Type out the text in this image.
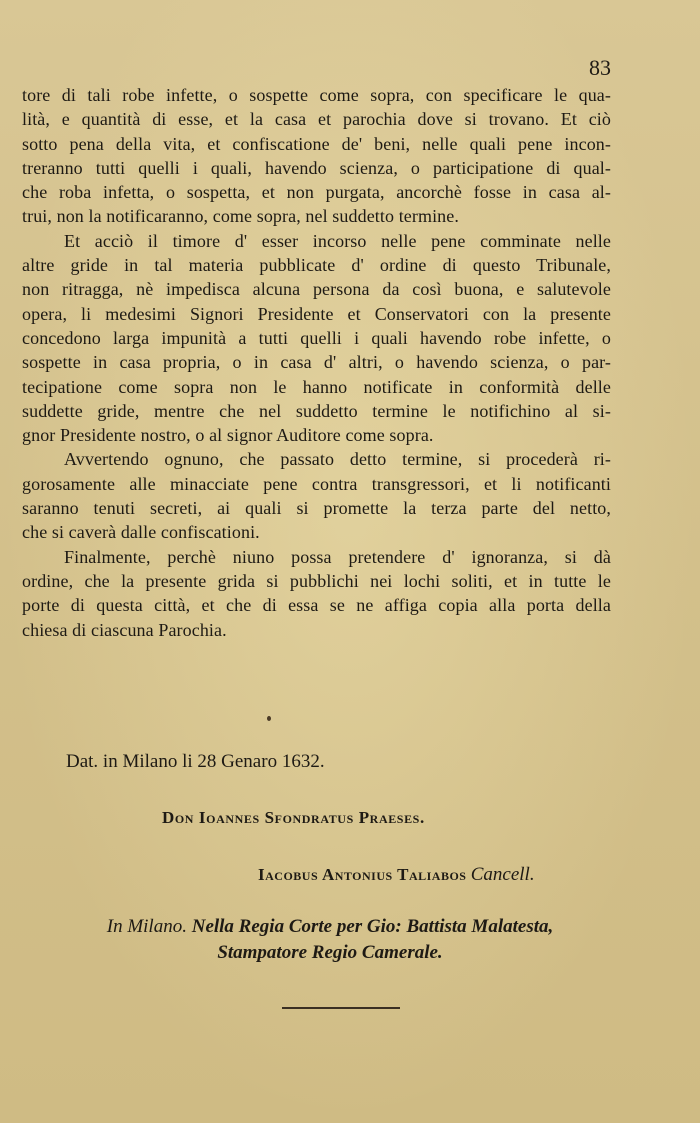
83
tore di tali robe infette, o sospette come sopra, con specificare le qua-
lità, e quantità di esse, et la casa et parochia dove si trovano. Et ciò
sotto pena della vita, et confiscatione de' beni, nelle quali pene incon-
treranno tutti quelli i quali, havendo scienza, o participatione di qual-
che roba infetta, o sospetta, et non purgata, ancorchè fosse in casa al-
trui, non la notificaranno, come sopra, nel suddetto termine.
Et acciò il timore d' esser incorso nelle pene comminate nelle
altre gride in tal materia pubblicate d' ordine di questo Tribunale,
non ritragga, nè impedisca alcuna persona da così buona, e salutevole
opera, li medesimi Signori Presidente et Conservatori con la presente
concedono larga impunità a tutti quelli i quali havendo robe infette, o
sospette in casa propria, o in casa d' altri, o havendo scienza, o par-
tecipatione come sopra non le hanno notificate in conformità delle
suddette gride, mentre che nel suddetto termine le notifichino al si-
gnor Presidente nostro, o al signor Auditore come sopra.
Avvertendo ognuno, che passato detto termine, si procederà ri-
gorosamente alle minacciate pene contra transgressori, et li notificanti
saranno tenuti secreti, ai quali si promette la terza parte del netto,
che si caverà dalle confiscationi.
Finalmente, perchè niuno possa pretendere d' ignoranza, si dà
ordine, che la presente grida si pubblichi nei lochi soliti, et in tutte le
porte di questa città, et che di essa se ne affiga copia alla porta della
chiesa di ciascuna Parochia.
Dat. in Milano li 28 Genaro 1632.
Don Ioannes Sfondratus Praeses.
Iacobus Antonius Taliabos Cancell.
In Milano. Nella Regia Corte per Gio: Battista Malatesta,
Stampatore Regio Camerale.
